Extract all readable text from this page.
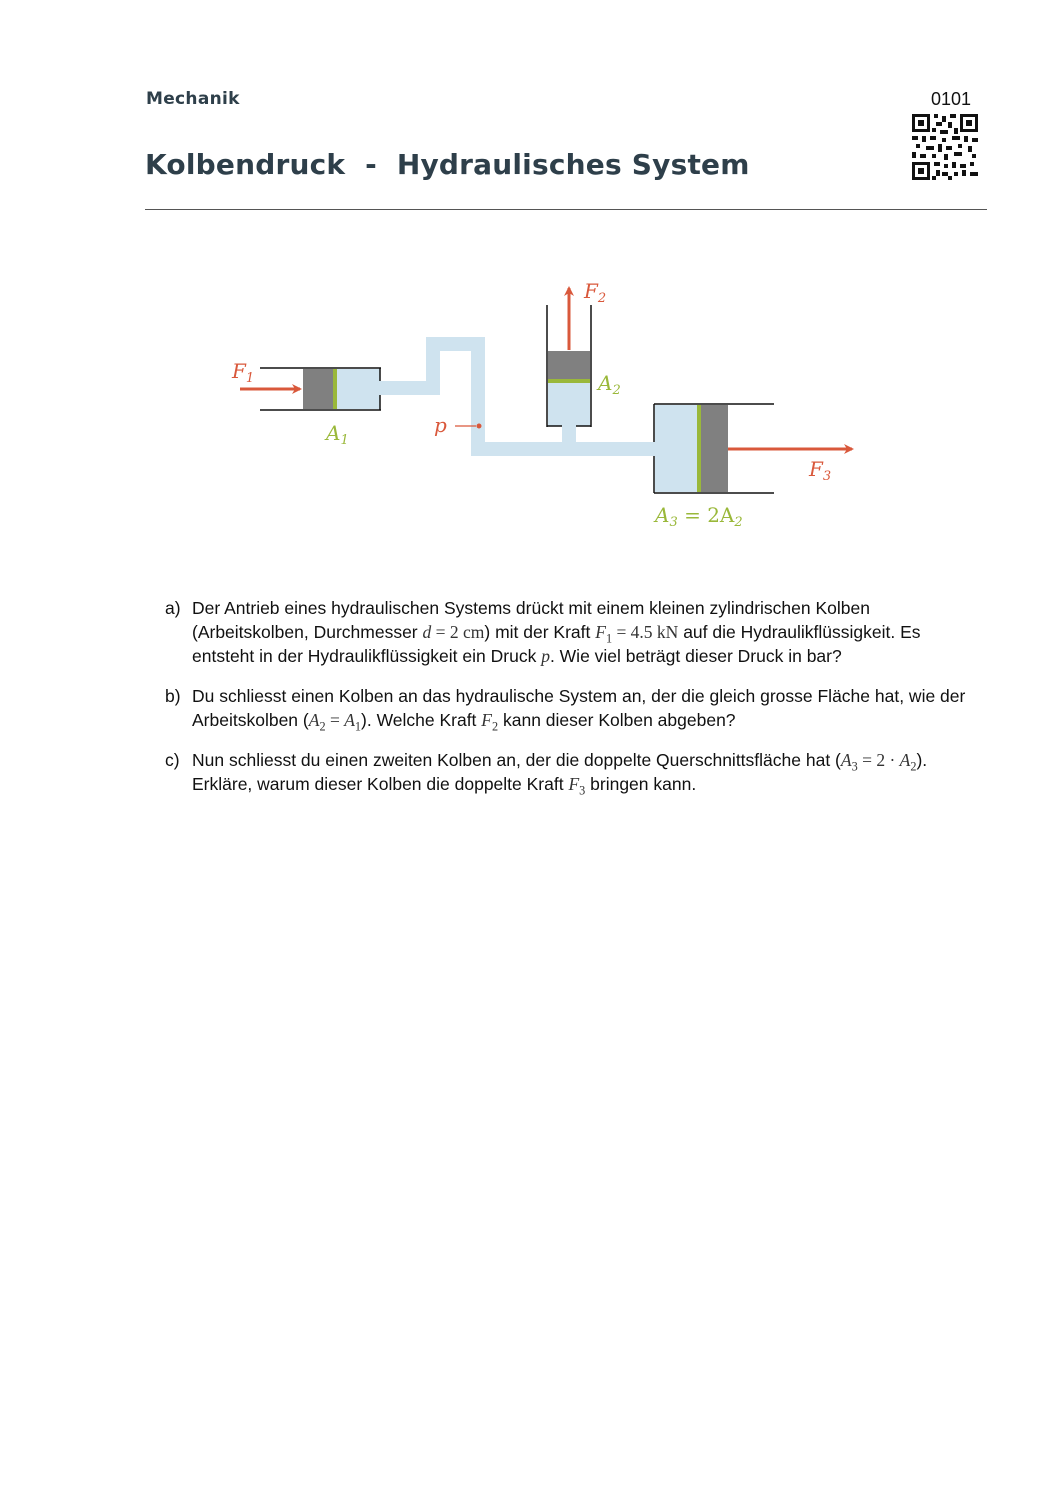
Mechanik	0101
Kolbendruck  -  Hydraulisches System
$F_1$
$A_1$
$F_2$
$A_2$
p
$F_3$
$A_3 = 2A_2$
a) Der Antrieb eines hydraulischen Systems drückt mit einem kleinen zylindrischen Kolben (Arbeitskolben, Durchmesser d = 2 cm) mit der Kraft $F_1 = 4.5$ kN auf die Hydraulikflüssigkeit. Es entsteht in der Hydraulikflüssigkeit ein Druck p. Wie viel beträgt dieser Druck in bar?
b) Du schliesst einen Kolben an das hydraulische System an, der die gleich grosse Fläche hat, wie der Arbeitskolben $(A_2 = A_1)$. Welche Kraft $F_2$ kann dieser Kolben abgeben?
c) Nun schliesst du einen zweiten Kolben an, der die doppelte Querschnittsfläche hat $(A_3 = 2 \cdot A_2)$. Erkläre, warum dieser Kolben die doppelte Kraft $F_3$ bringen kann.
